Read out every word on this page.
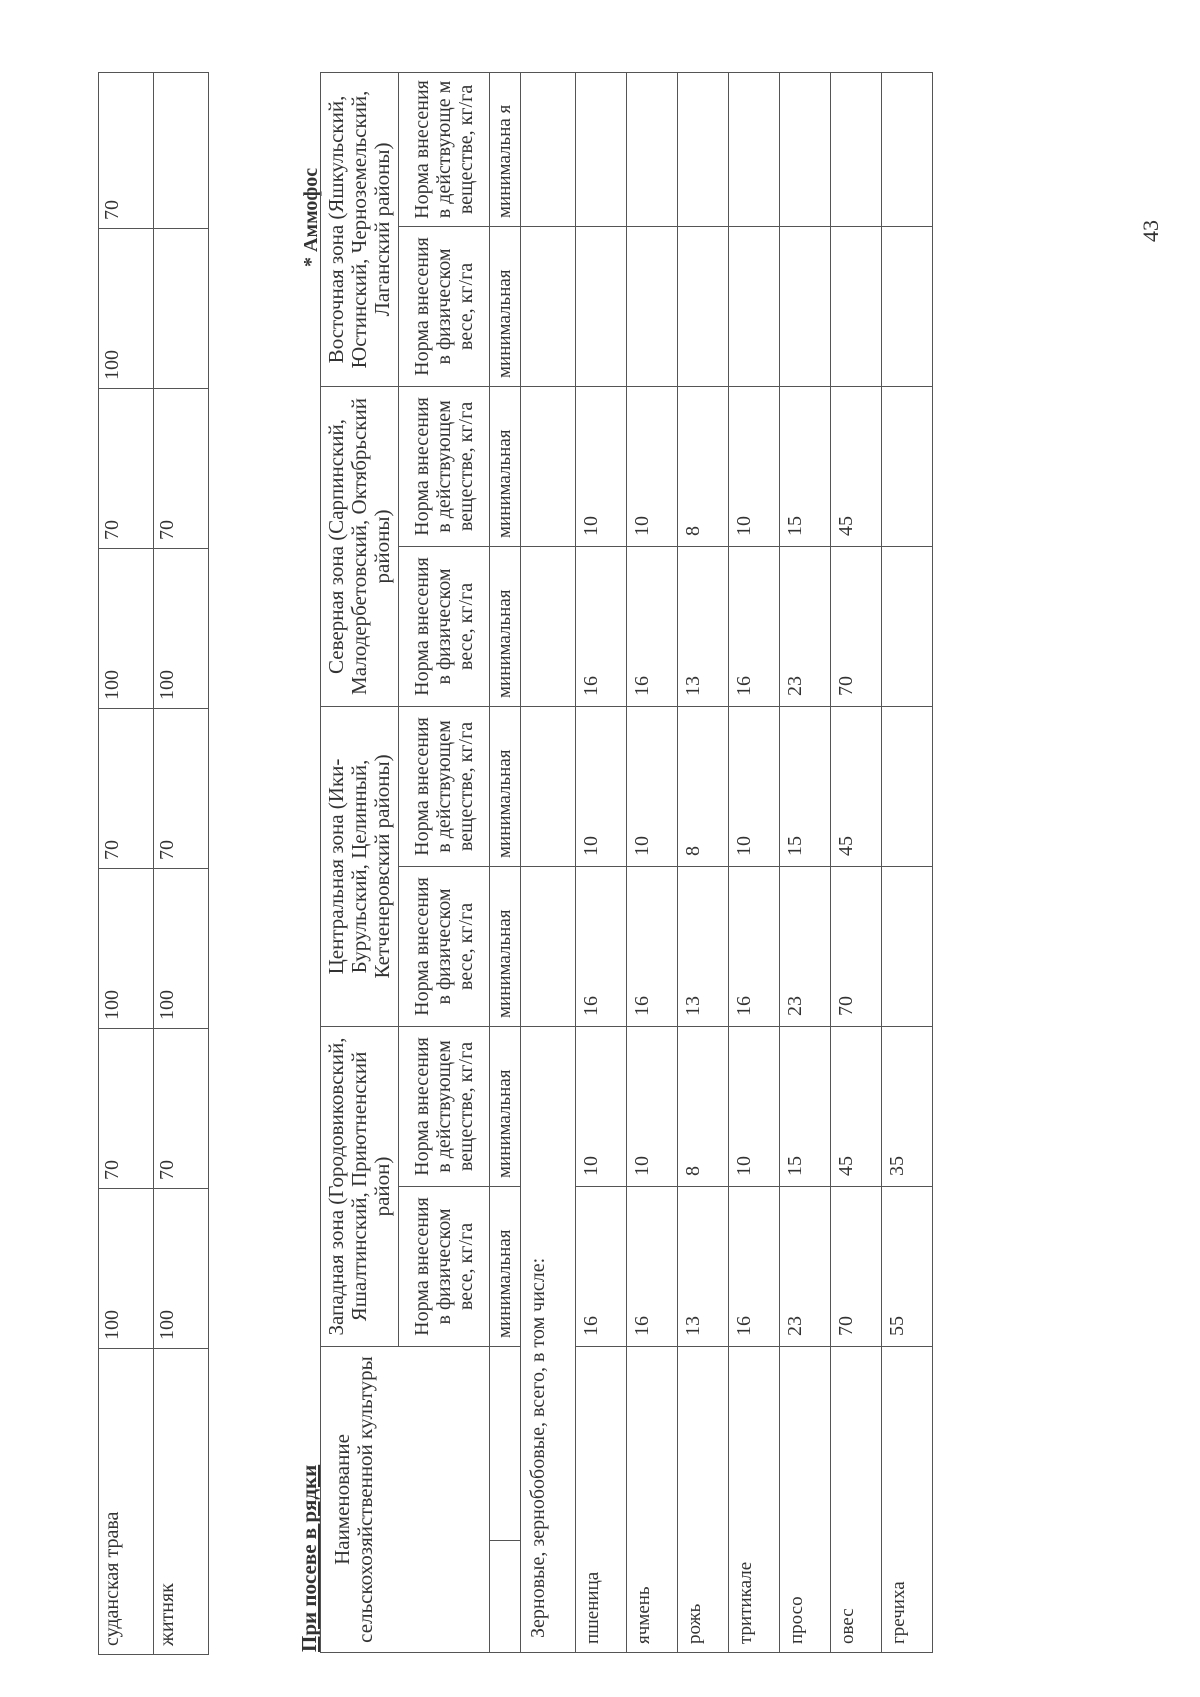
суданская трава	100	70	100	70	100	70	100	70
житняк	100	70	100	70	100	70		
При посеве в рядки
* Аммофос
Наименование сельскохозяйственной культуры		Западная зона (Городовиковский, Яшалтинский, Приютненский район)		Центральная зона (Ики-Бурульский, Целинный, Кетченеровский районы)		Северная зона (Сарпинский, Малодербетовский, Октябрьский районы)		Восточная зона (Яшкульский, Юстинский, Черноземельский, Лаганский районы)	
		Норма внесения в физическом весе, кг/га	Норма внесения в действующем веществе, кг/га	Норма внесения в физическом весе, кг/га	Норма внесения в действующем веществе, кг/га	Норма внесения в физическом весе, кг/га	Норма внесения в действующем веществе, кг/га	Норма внесения в физическом весе, кг/га	Норма внесения в действующе м веществе, кг/га
		минимальная	минимальная	минимальная	минимальная	минимальная	минимальная	минимальная	минимальна я
Зерновые, зернобобовые, всего, в том числе:									
пшеница		16	10	16	10	16	10		
ячмень		16	10	16	10	16	10		
рожь		13	8	13	8	13	8		
тритикале		16	10	16	10	16	10		
просо		23	15	23	15	23	15		
овес		70	45	70	45	70	45		
гречиха		55	35						
43
